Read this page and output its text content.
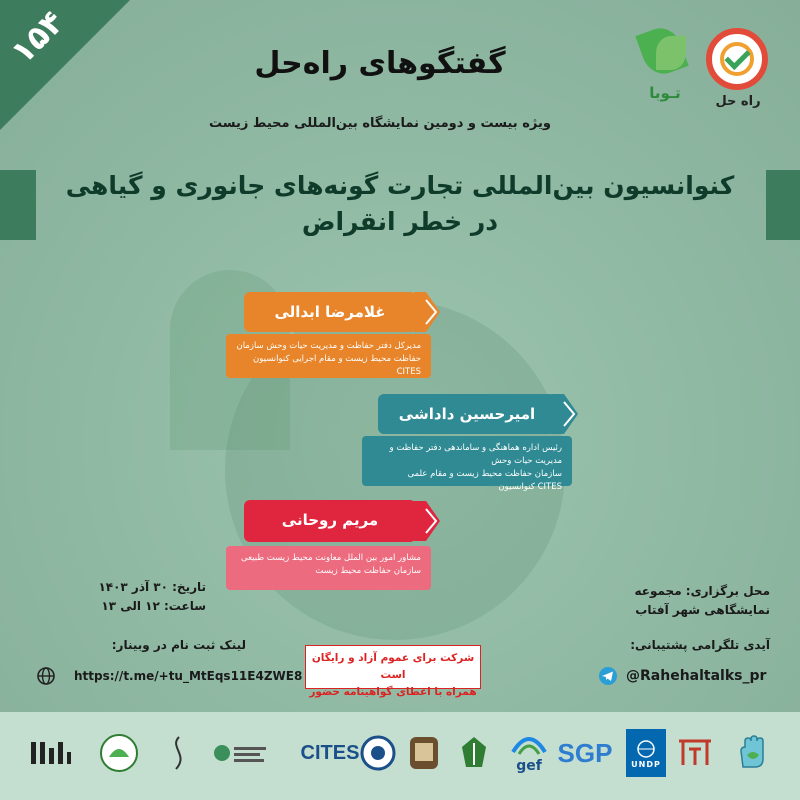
۱۵۴
راه حل
تـوبا
گفتگوهای راه‌حل
ویژه بیست و دومین نمایشگاه بین‌المللی محیط زیست
کنوانسیون بین‌المللی تجارت گونه‌های جانوری و گیاهی
در خطر انقراض
غلامرضا ابدالی
مدیرکل دفتر حفاظت و مدیریت حیات وحش سازمان
حفاظت محیط زیست و مقام اجرایی کنوانسیون CITES
امیرحسین داداشی
رئیس اداره هماهنگی و ساماندهی دفتر حفاظت و مدیریت حیات وحش
سازمان حفاظت محیط زیست و مقام علمی کنوانسیون CITES
مریم روحانی
مشاور امور بین الملل معاونت محیط زیست طبیعی
سازمان حفاظت محیط زیست
تاریخ: ۳۰ آذر ۱۴۰۳
ساعت: ۱۲ الی ۱۳
محل برگزاری: مجموعه
نمایشگاهی شهر آفتاب
لینک ثبت نام در وبینار:	آیدی تلگرامی پشتیبانی:
شرکت برای عموم آزاد و رایگان است
همراه با اعطای گواهینامه حضور
https://t.me/+tu_MtEqs11E4ZWE8	@Rahehaltalks_pr
CITES
gef SGP UNDP
